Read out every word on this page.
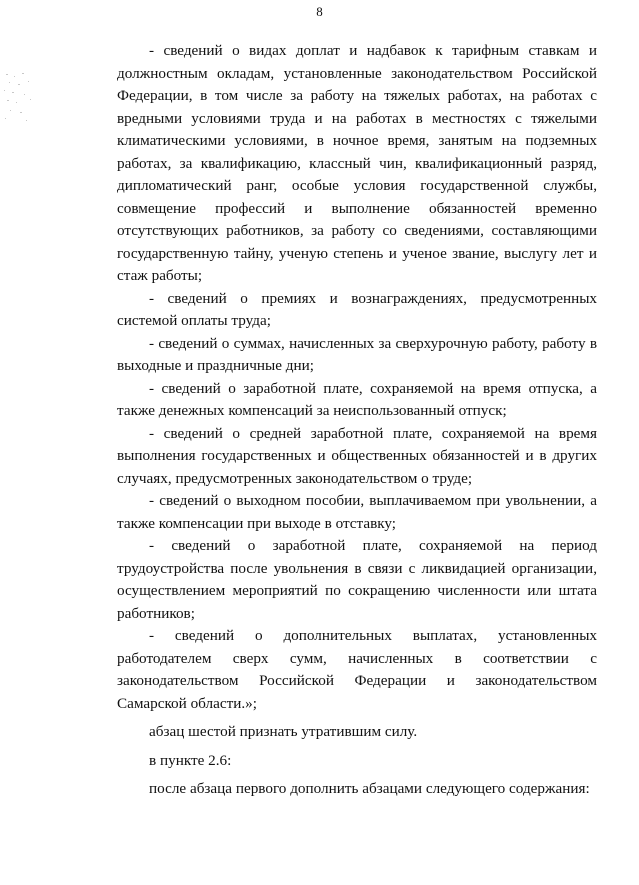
8

- сведений о видах доплат и надбавок к тарифным ставкам и должностным окладам, установленные законодательством Российской Федерации, в том числе за работу на тяжелых работах, на работах с вредными условиями труда и на работах в местностях с тяжелыми климатическими условиями, в ночное время, занятым на подземных работах, за квалификацию, классный чин, квалификационный разряд, дипломатический ранг, особые условия государственной службы, совмещение профессий и выполнение обязанностей временно отсутствующих работников, за работу со сведениями, составляющими государственную тайну, ученую степень и ученое звание, выслугу лет и стаж работы;

- сведений о премиях и вознаграждениях, предусмотренных системой оплаты труда;

- сведений о суммах, начисленных за сверхурочную работу, работу в выходные и праздничные дни;

- сведений о заработной плате, сохраняемой на время отпуска, а также денежных компенсаций за неиспользованный отпуск;

- сведений о средней заработной плате, сохраняемой на время выполнения государственных и общественных обязанностей и в других случаях, предусмотренных законодательством о труде;

- сведений о выходном пособии, выплачиваемом при увольнении, а также компенсации при выходе в отставку;

- сведений о заработной плате, сохраняемой на период трудоустройства после увольнения в связи с ликвидацией организации, осуществлением мероприятий по сокращению численности или штата работников;

- сведений о дополнительных выплатах, установленных работодателем сверх сумм, начисленных в соответствии с законодательством Российской Федерации и законодательством Самарской области.»;

абзац шестой признать утратившим силу.

в пункте 2.6:

после абзаца первого дополнить абзацами следующего содержания:
